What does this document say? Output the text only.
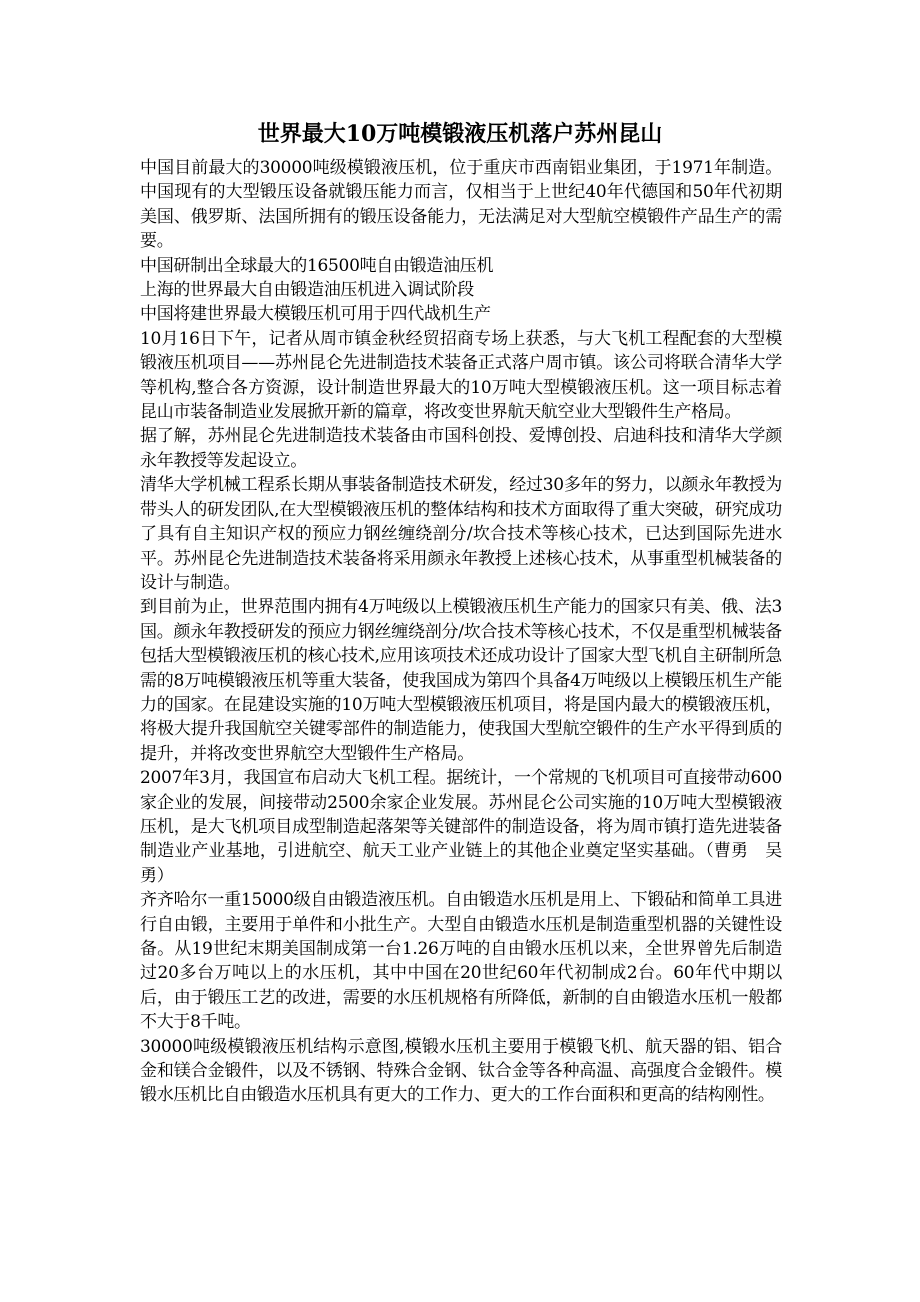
世界最大10万吨模锻液压机落户苏州昆山

中国目前最大的30000吨级模锻液压机，位于重庆市西南铝业集团，于1971年制造。中国现有的大型锻压设备就锻压能力而言，仅相当于上世纪40年代德国和50年代初期美国、俄罗斯、法国所拥有的锻压设备能力，无法满足对大型航空模锻件产品生产的需要。

中国研制出全球最大的16500吨自由锻造油压机

上海的世界最大自由锻造油压机进入调试阶段

中国将建世界最大模锻压机可用于四代战机生产

10月16日下午，记者从周市镇金秋经贸招商专场上获悉，与大飞机工程配套的大型模锻液压机项目——苏州昆仑先进制造技术装备正式落户周市镇。该公司将联合清华大学等机构,整合各方资源，设计制造世界最大的10万吨大型模锻液压机。这一项目标志着昆山市装备制造业发展掀开新的篇章，将改变世界航天航空业大型锻件生产格局。

据了解，苏州昆仑先进制造技术装备由市国科创投、爱博创投、启迪科技和清华大学颜永年教授等发起设立。

清华大学机械工程系长期从事装备制造技术研发，经过30多年的努力，以颜永年教授为带头人的研发团队,在大型模锻液压机的整体结构和技术方面取得了重大突破，研究成功了具有自主知识产权的预应力钢丝缠绕剖分/坎合技术等核心技术，已达到国际先进水平。苏州昆仑先进制造技术装备将采用颜永年教授上述核心技术，从事重型机械装备的设计与制造。

到目前为止，世界范围内拥有4万吨级以上模锻液压机生产能力的国家只有美、俄、法3国。颜永年教授研发的预应力钢丝缠绕剖分/坎合技术等核心技术，不仅是重型机械装备包括大型模锻液压机的核心技术,应用该项技术还成功设计了国家大型飞机自主研制所急需的8万吨模锻液压机等重大装备，使我国成为第四个具备4万吨级以上模锻压机生产能力的国家。在昆建设实施的10万吨大型模锻液压机项目，将是国内最大的模锻液压机，将极大提升我国航空关键零部件的制造能力，使我国大型航空锻件的生产水平得到质的提升，并将改变世界航空大型锻件生产格局。

2007年3月，我国宣布启动大飞机工程。据统计，一个常规的飞机项目可直接带动600家企业的发展，间接带动2500余家企业发展。苏州昆仑公司实施的10万吨大型模锻液压机，是大飞机项目成型制造起落架等关键部件的制造设备，将为周市镇打造先进装备制造业产业基地，引进航空、航天工业产业链上的其他企业奠定坚实基础。（曹勇　吴勇）

齐齐哈尔一重15000级自由锻造液压机。自由锻造水压机是用上、下锻砧和简单工具进行自由锻，主要用于单件和小批生产。大型自由锻造水压机是制造重型机器的关键性设备。从19世纪末期美国制成第一台1.26万吨的自由锻水压机以来，全世界曾先后制造过20多台万吨以上的水压机，其中中国在20世纪60年代初制成2台。60年代中期以后，由于锻压工艺的改进，需要的水压机规格有所降低，新制的自由锻造水压机一般都不大于8千吨。

30000吨级模锻液压机结构示意图,模锻水压机主要用于模锻飞机、航天器的铝、铝合金和镁合金锻件，以及不锈钢、特殊合金钢、钛合金等各种高温、高强度合金锻件。模锻水压机比自由锻造水压机具有更大的工作力、更大的工作台面积和更高的结构刚性。
